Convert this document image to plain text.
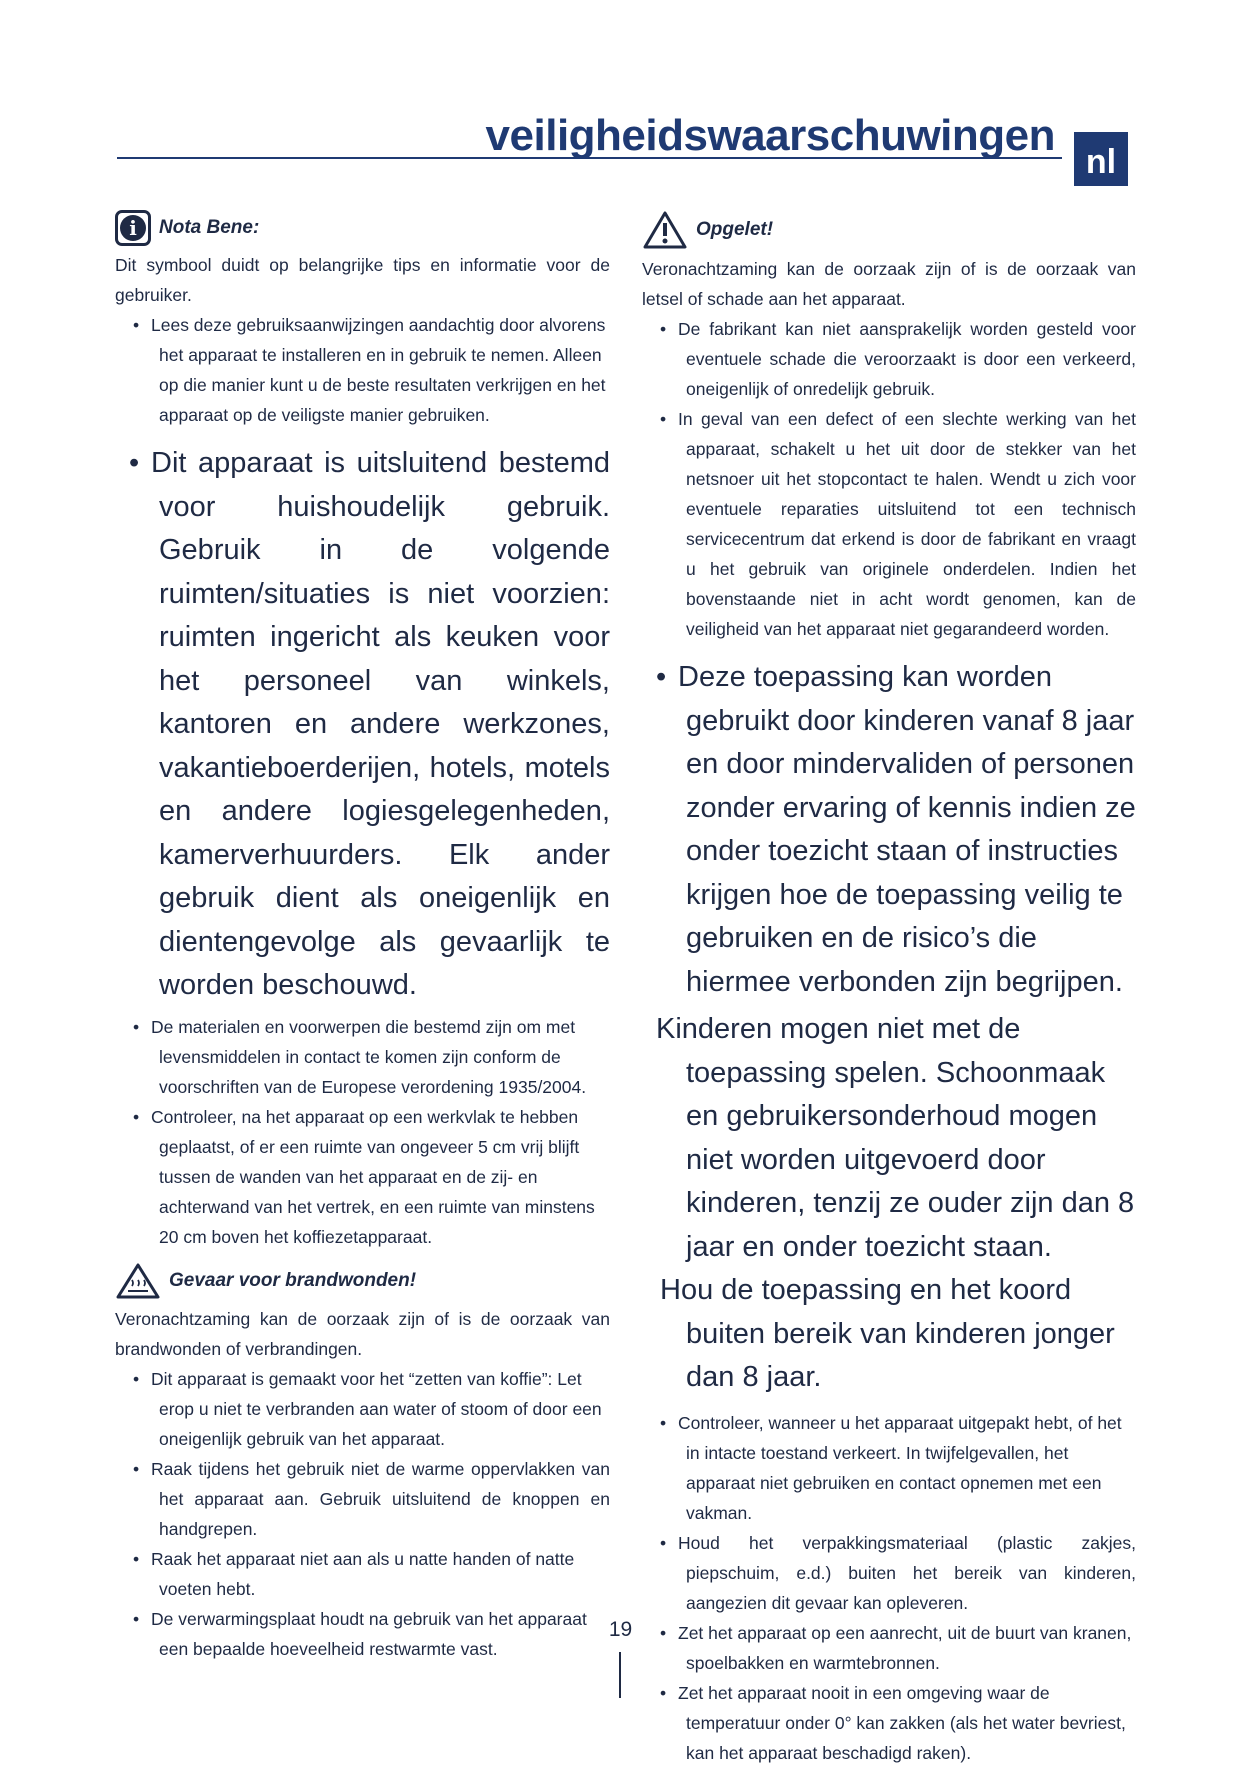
veiligheidswaarschuwingen
nl
i	Nota Bene:

Dit symbool duidt op belangrijke tips en informatie voor de gebruiker.

• Lees deze gebruiksaanwijzingen aandachtig door alvorens het apparaat te installeren en in gebruik te nemen. Alleen op die manier kunt u de beste resultaten verkrijgen en het apparaat op de veiligste manier gebruiken.
• Dit apparaat is uitsluitend bestemd voor huishoudelijk gebruik. Gebruik in de volgende ruimten/situaties is niet voorzien: ruimten ingericht als keuken voor het personeel van winkels, kantoren en andere werkzones, vakantieboerderijen, hotels, motels en andere logiesgelegenheden, kamerverhuurders. Elk ander gebruik dient als oneigenlijk en dientengevolge als gevaarlijk te worden beschouwd.
• De materialen en voorwerpen die bestemd zijn om met levensmiddelen in contact te komen zijn conform de voorschriften van de Europese verordening 1935/2004.
• Controleer, na het apparaat op een werkvlak te hebben geplaatst, of er een ruimte van ongeveer 5 cm vrij blijft tussen de wanden van het apparaat en de zij- en achterwand van het vertrek, en een ruimte van minstens 20 cm boven het koffiezetapparaat.
Gevaar voor brandwonden!

Veronachtzaming kan de oorzaak zijn of is de oorzaak van brandwonden of verbrandingen.

• Dit apparaat is gemaakt voor het “zetten van koffie”: Let erop u niet te verbranden aan water of stoom of door een oneigenlijk gebruik van het apparaat.
• Raak tijdens het gebruik niet de warme oppervlakken van het apparaat aan. Gebruik uitsluitend de knoppen en handgrepen.
• Raak het apparaat niet aan als u natte handen of natte voeten hebt.
• De verwarmingsplaat houdt na gebruik van het apparaat een bepaalde hoeveelheid restwarmte vast.
Opgelet!

Veronachtzaming kan de oorzaak zijn of is de oorzaak van letsel of schade aan het apparaat.

• De fabrikant kan niet aansprakelijk worden gesteld voor eventuele schade die veroorzaakt is door een verkeerd, oneigenlijk of onredelijk gebruik.
• In geval van een defect of een slechte werking van het apparaat, schakelt u het uit door de stekker van het netsnoer uit het stopcontact te halen. Wendt u zich voor eventuele reparaties uitsluitend tot een technisch servicecentrum dat erkend is door de fabrikant en vraagt u het gebruik van originele onderdelen. Indien het bovenstaande niet in acht wordt genomen, kan de veiligheid van het apparaat niet gegarandeerd worden.
• Deze toepassing kan worden gebruikt door kinderen vanaf 8 jaar en door mindervaliden of personen zonder ervaring of kennis indien ze onder toezicht staan of instructies krijgen hoe de toepassing veilig te gebruiken en de risico’s die hiermee verbonden zijn begrijpen.

Kinderen mogen niet met de toepassing spelen. Schoonmaak en gebruikersonderhoud mogen niet worden uitgevoerd door kinderen, tenzij ze ouder zijn dan 8 jaar en onder toezicht staan.

Hou de toepassing en het koord buiten bereik van kinderen jonger dan 8 jaar.

• Controleer, wanneer u het apparaat uitgepakt hebt, of het in intacte toestand verkeert. In twijfelgevallen, het apparaat niet gebruiken en contact opnemen met een vakman.
• Houd het verpakkingsmateriaal (plastic zakjes, piepschuim, e.d.) buiten het bereik van kinderen, aangezien dit gevaar kan opleveren.
• Zet het apparaat op een aanrecht, uit de buurt van kranen, spoelbakken en warmtebronnen.
• Zet het apparaat nooit in een omgeving waar de temperatuur onder 0° kan zakken (als het water bevriest, kan het apparaat beschadigd raken).
19
